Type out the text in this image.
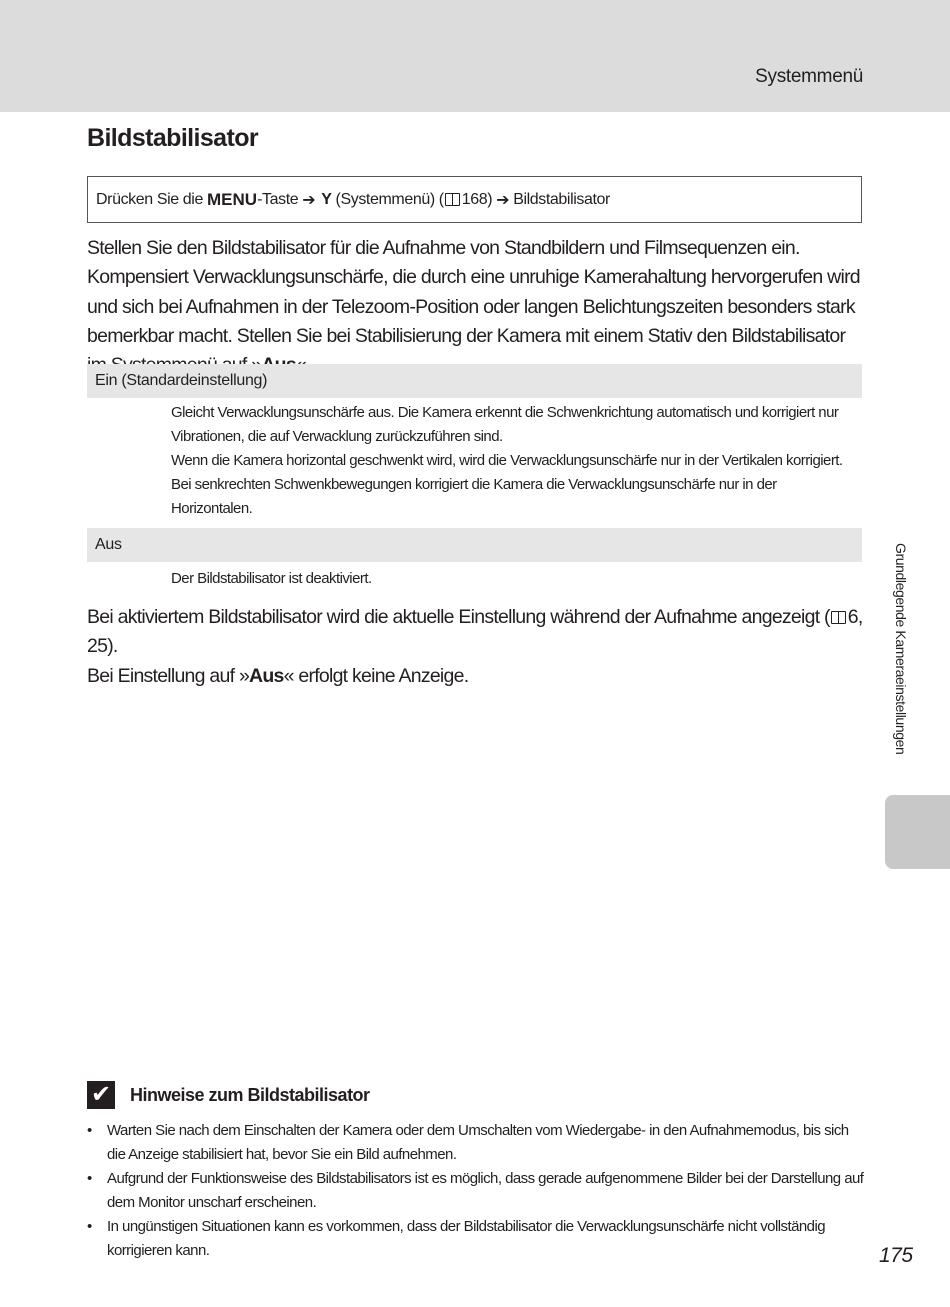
Systemmenü
Bildstabilisator
Drücken Sie die
MENU -Taste ➔ Y (Systemmenü) ( 168) ➔ Bildstabilisator

Stellen Sie den Bildstabilisator für die Aufnahme von Standbildern und Filmsequenzen ein. Kompensiert Verwacklungsunschärfe, die durch eine unruhige Kamerahaltung hervorgerufen wird und sich bei Aufnahmen in der Telezoom-Position oder langen Belichtungszeiten besonders stark bemerkbar macht. Stellen Sie bei Stabilisierung der Kamera mit einem Stativ den Bildstabilisator

Ein (Standardeinstellung)

Gleicht Verwacklungsunschärfe aus. Die Kamera erkennt die Schwenkrichtung automatisch und korrigiert nur Vibrationen, die auf Verwacklung zurückzuführen sind.

Wenn die Kamera horizontal geschwenkt wird, wird die Verwacklungsunschärfe nur in der Vertikalen korrigiert. Bei senkrechten Schwenkbewegungen korrigiert die Kamera die Verwacklungsunschärfe nur in der Horizontalen.

Aus

Der Bildstabilisator ist deaktiviert.

Bei aktiviertem Bildstabilisator wird die aktuelle Einstellung während der Aufnahme angezeigt ( 6, 25).
Bei Einstellung auf »Aus« erfolgt keine Anzeige.	Grundlegende Kameraeinstellungen
✔ Hinweise zum Bildstabilisator
• Warten Sie nach dem Einschalten der Kamera oder dem Umschalten vom Wiedergabe- in den Aufnahmemodus, bis sich die Anzeige stabilisiert hat, bevor Sie ein Bild aufnehmen.
• Aufgrund der Funktionsweise des Bildstabilisators ist es möglich, dass gerade aufgenommene Bilder bei der Darstellung auf dem Monitor unscharf erscheinen.
• In ungünstigen Situationen kann es vorkommen, dass der Bildstabilisator die Verwacklungsunschärfe nicht vollständig korrigieren kann.	175
